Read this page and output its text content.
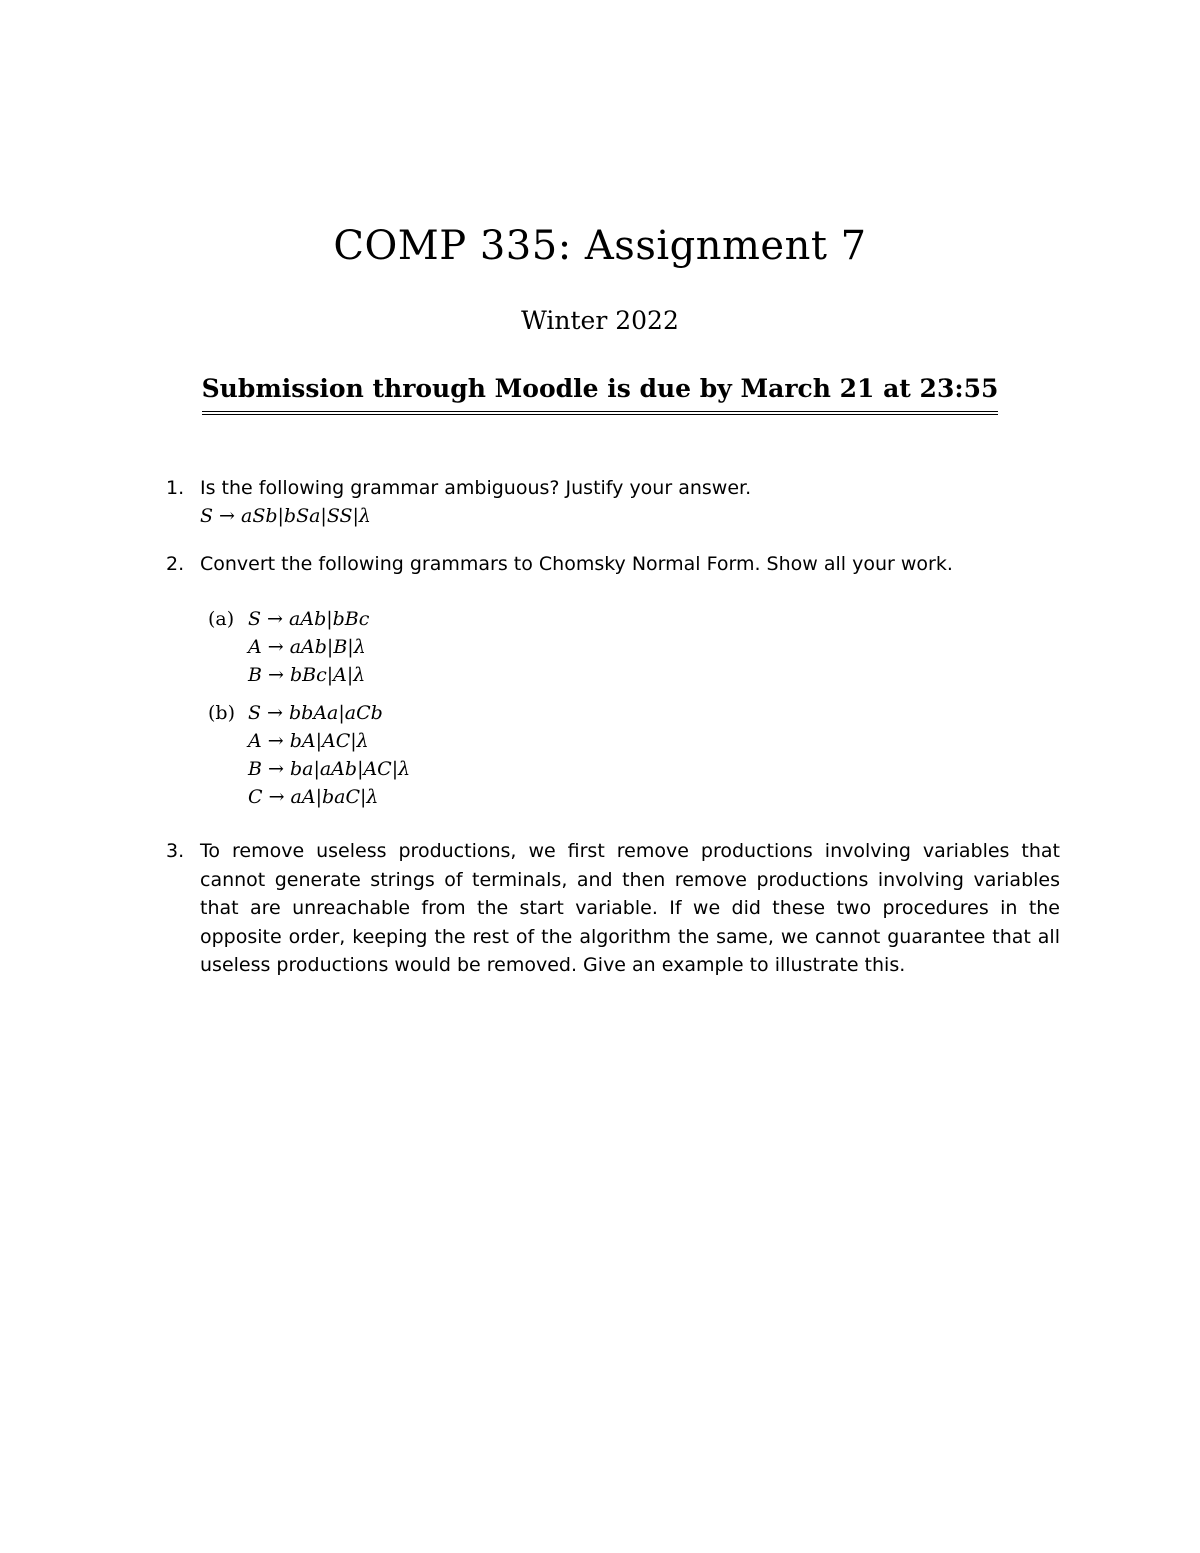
COMP 335: Assignment 7
Winter 2022
Submission through Moodle is due by March 21 at 23:55
1. Is the following grammar ambiguous? Justify your answer.
S → aSb|bSa|SS|λ
2. Convert the following grammars to Chomsky Normal Form. Show all your work.
(a) S → aAb|bBc
A → aAb|B|λ
B → bBc|A|λ
(b) S → bbAa|aCb
A → bA|AC|λ
B → ba|aAb|AC|λ
C → aA|baC|λ
3. To remove useless productions, we first remove productions involving variables that cannot generate strings of terminals, and then remove productions involving variables that are unreachable from the start variable. If we did these two procedures in the opposite order, keeping the rest of the algorithm the same, we cannot guarantee that all useless productions would be removed. Give an example to illustrate this.
